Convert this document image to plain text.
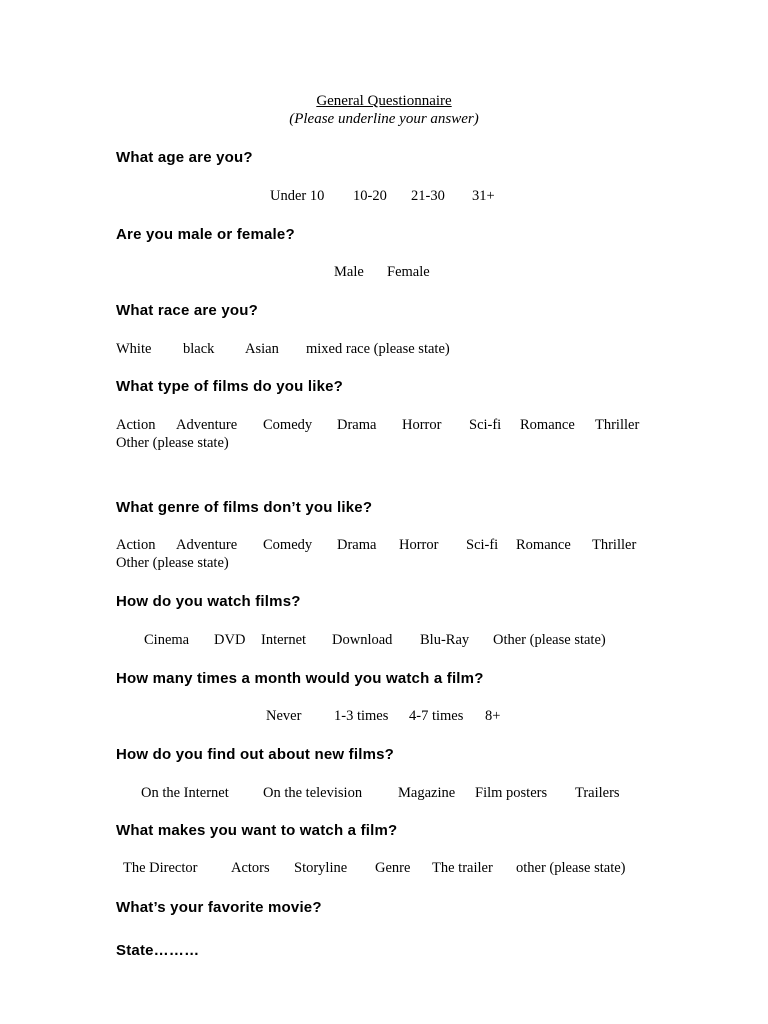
General Questionnaire
(Please underline your answer)
What age are you?
Under 10 10-20 21-30 31+
Are you male or female?
Male Female
What race are you?
White black Asian mixed race (please state)
What type of films do you like?
Action Adventure Comedy Drama Horror Sci-fi Romance Thriller
Other (please state)
What genre of films don’t you like?
Action Adventure Comedy Drama Horror Sci-fi Romance Thriller
Other (please state)
How do you watch films?
Cinema DVD Internet Download Blu-Ray Other (please state)
How many times a month would you watch a film?
Never 1-3 times 4-7 times 8+
How do you find out about new films?
On the Internet On the television Magazine Film posters Trailers
What makes you want to watch a film?
The Director Actors Storyline Genre The trailer other (please state)
What’s your favorite movie?
State………
